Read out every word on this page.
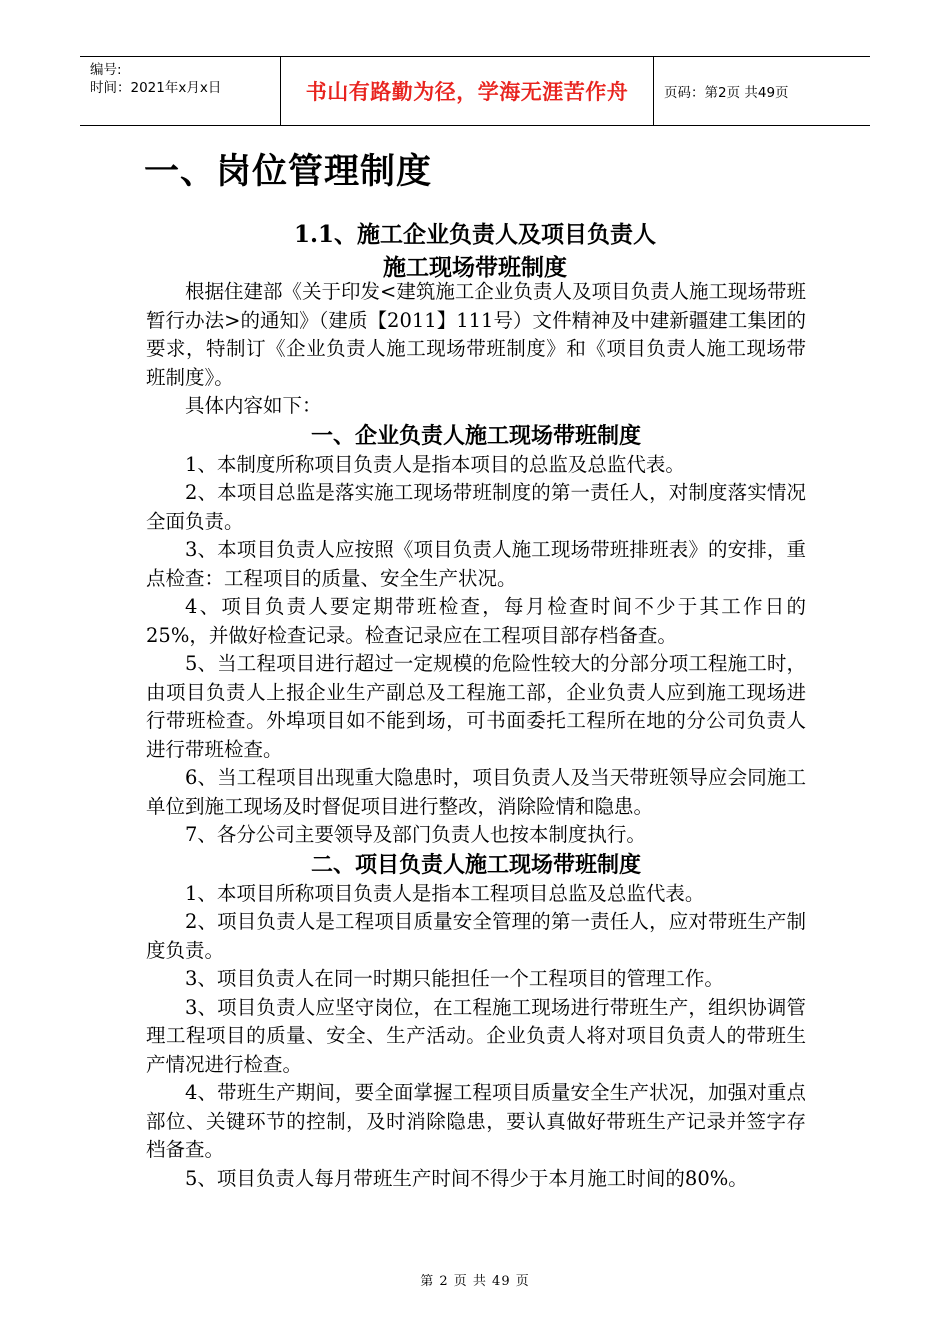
编号:
时间：2021年x月x日	书山有路勤为径，学海无涯苦作舟	页码：第2页 共49页
一、岗位管理制度
1.1、施工企业负责人及项目负责人
施工现场带班制度

根据住建部《关于印发<建筑施工企业负责人及项目负责人施工现场带班暂行办法>的通知》（建质【2011】111号）文件精神及中建新疆建工集团的要求，特制订《企业负责人施工现场带班制度》和《项目负责人施工现场带班制度》。

具体内容如下：

一、企业负责人施工现场带班制度

1、本制度所称项目负责人是指本项目的总监及总监代表。

2、本项目总监是落实施工现场带班制度的第一责任人，对制度落实情况全面负责。

3、本项目负责人应按照《项目负责人施工现场带班排班表》的安排，重点检查：工程项目的质量、安全生产状况。

4、项目负责人要定期带班检查，每月检查时间不少于其工作日的25%，并做好检查记录。检查记录应在工程项目部存档备查。

5、当工程项目进行超过一定规模的危险性较大的分部分项工程施工时，由项目负责人上报企业生产副总及工程施工部，企业负责人应到施工现场进行带班检查。外埠项目如不能到场，可书面委托工程所在地的分公司负责人进行带班检查。

6、当工程项目出现重大隐患时，项目负责人及当天带班领导应会同施工单位到施工现场及时督促项目进行整改，消除险情和隐患。

7、各分公司主要领导及部门负责人也按本制度执行。

二、项目负责人施工现场带班制度

1、本项目所称项目负责人是指本工程项目总监及总监代表。

2、项目负责人是工程项目质量安全管理的第一责任人，应对带班生产制度负责。

3、项目负责人在同一时期只能担任一个工程项目的管理工作。

3、项目负责人应坚守岗位，在工程施工现场进行带班生产，组织协调管理工程项目的质量、安全、生产活动。企业负责人将对项目负责人的带班生产情况进行检查。

4、带班生产期间，要全面掌握工程项目质量安全生产状况，加强对重点部位、关键环节的控制，及时消除隐患，要认真做好带班生产记录并签字存档备查。

5、项目负责人每月带班生产时间不得少于本月施工时间的80%。

第 2 页 共 49 页
